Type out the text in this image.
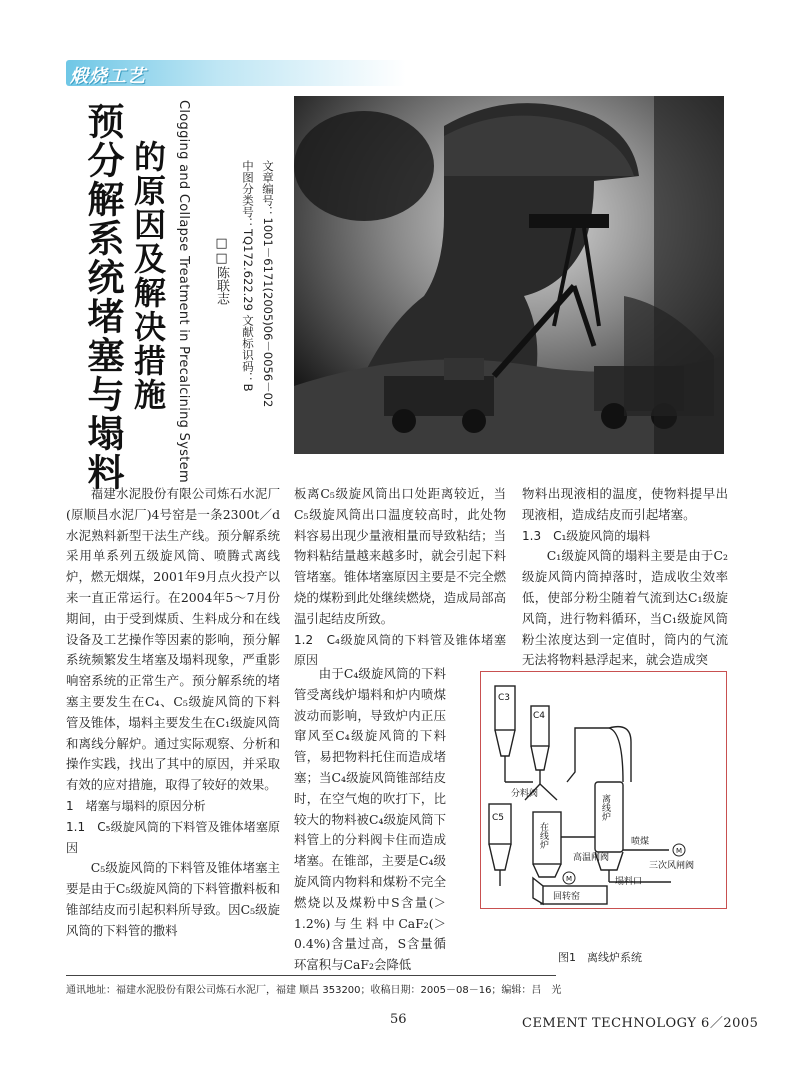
煅烧工艺
预分解系统堵塞与塌料 的原因及解决措施 Clogging and Collapse Treatment in Precalcining System	文章编号：1001－6171(2005)06－0056－02
中图分类号：TQ172.622.29 文献标识码：B
□□陈联志

福建水泥股份有限公司炼石水泥厂(原顺昌水泥厂)4号窑是一条2300t／d水泥熟料新型干法生产线。预分解系统采用单系列五级旋风筒、喷腾式离线炉，燃无烟煤，2001年9月点火投产以来一直正常运行。在2004年5～7月份期间，由于受到煤质、生料成分和在线设备及工艺操作等因素的影响，预分解系统频繁发生堵塞及塌料现象，严重影响窑系统的正常生产。预分解系统的堵塞主要发生在C₄、C₅级旋风筒的下料管及锥体，塌料主要发生在C₁级旋风筒和离线分解炉。通过实际观察、分析和操作实践，找出了其中的原因，并采取有效的应对措施，取得了较好的效果。

1　堵塞与塌料的原因分析

1.1　C₅级旋风筒的下料管及锥体堵塞原因

C₅级旋风筒的下料管及锥体堵塞主要是由于C₅级旋风筒的下料管撒料板和锥部结皮而引起积料所导致。因C₅级旋风筒的下料管的撒料

板离C₅级旋风筒出口处距离较近，当C₅级旋风筒出口温度较高时，此处物料容易出现少量液相量而导致粘结；当物料粘结量越来越多时，就会引起下料管堵塞。锥体堵塞原因主要是不完全燃烧的煤粉到此处继续燃烧，造成局部高温引起结皮所致。

1.2　C₄级旋风筒的下料管及锥体堵塞原因

由于C₄级旋风筒的下料管受离线炉塌料和炉内喷煤波动而影响，导致炉内正压窜风至C₄级旋风筒的下料管，易把物料托住而造成堵塞；当C₄级旋风筒锥部结皮时，在空气炮的吹打下，比较大的物料被C₄级旋风筒下料管上的分料阀卡住而造成堵塞。在锥部，主要是C₄级旋风筒内物料和煤粉不完全燃烧以及煤粉中S含量(＞1.2%)与生料中CaF₂(＞0.4%)含量过高，S含量循环富积与CaF₂会降低

物料出现液相的温度，使物料提早出现液相，造成结皮而引起堵塞。

1.3　C₁级旋风筒的塌料

C₁级旋风筒的塌料主要是由于C₂级旋风筒内筒掉落时，造成收尘效率低，使部分粉尘随着气流到达C₁级旋风筒，进行物料循环，当C₁级旋风筒粉尘浓度达到一定值时，筒内的气流无法将物料悬浮起来，就会造成突

C3
C4
C5
分料阀
在线炉
离线炉
高温闸阀
喷煤
三次风闸阀
塌料口
回转窑
M
M
图1　离线炉系统
通讯地址：福建水泥股份有限公司炼石水泥厂，福建 顺昌 353200；收稿日期：2005－08－16；编辑：吕　光
56	CEMENT TECHNOLOGY 6／2005
